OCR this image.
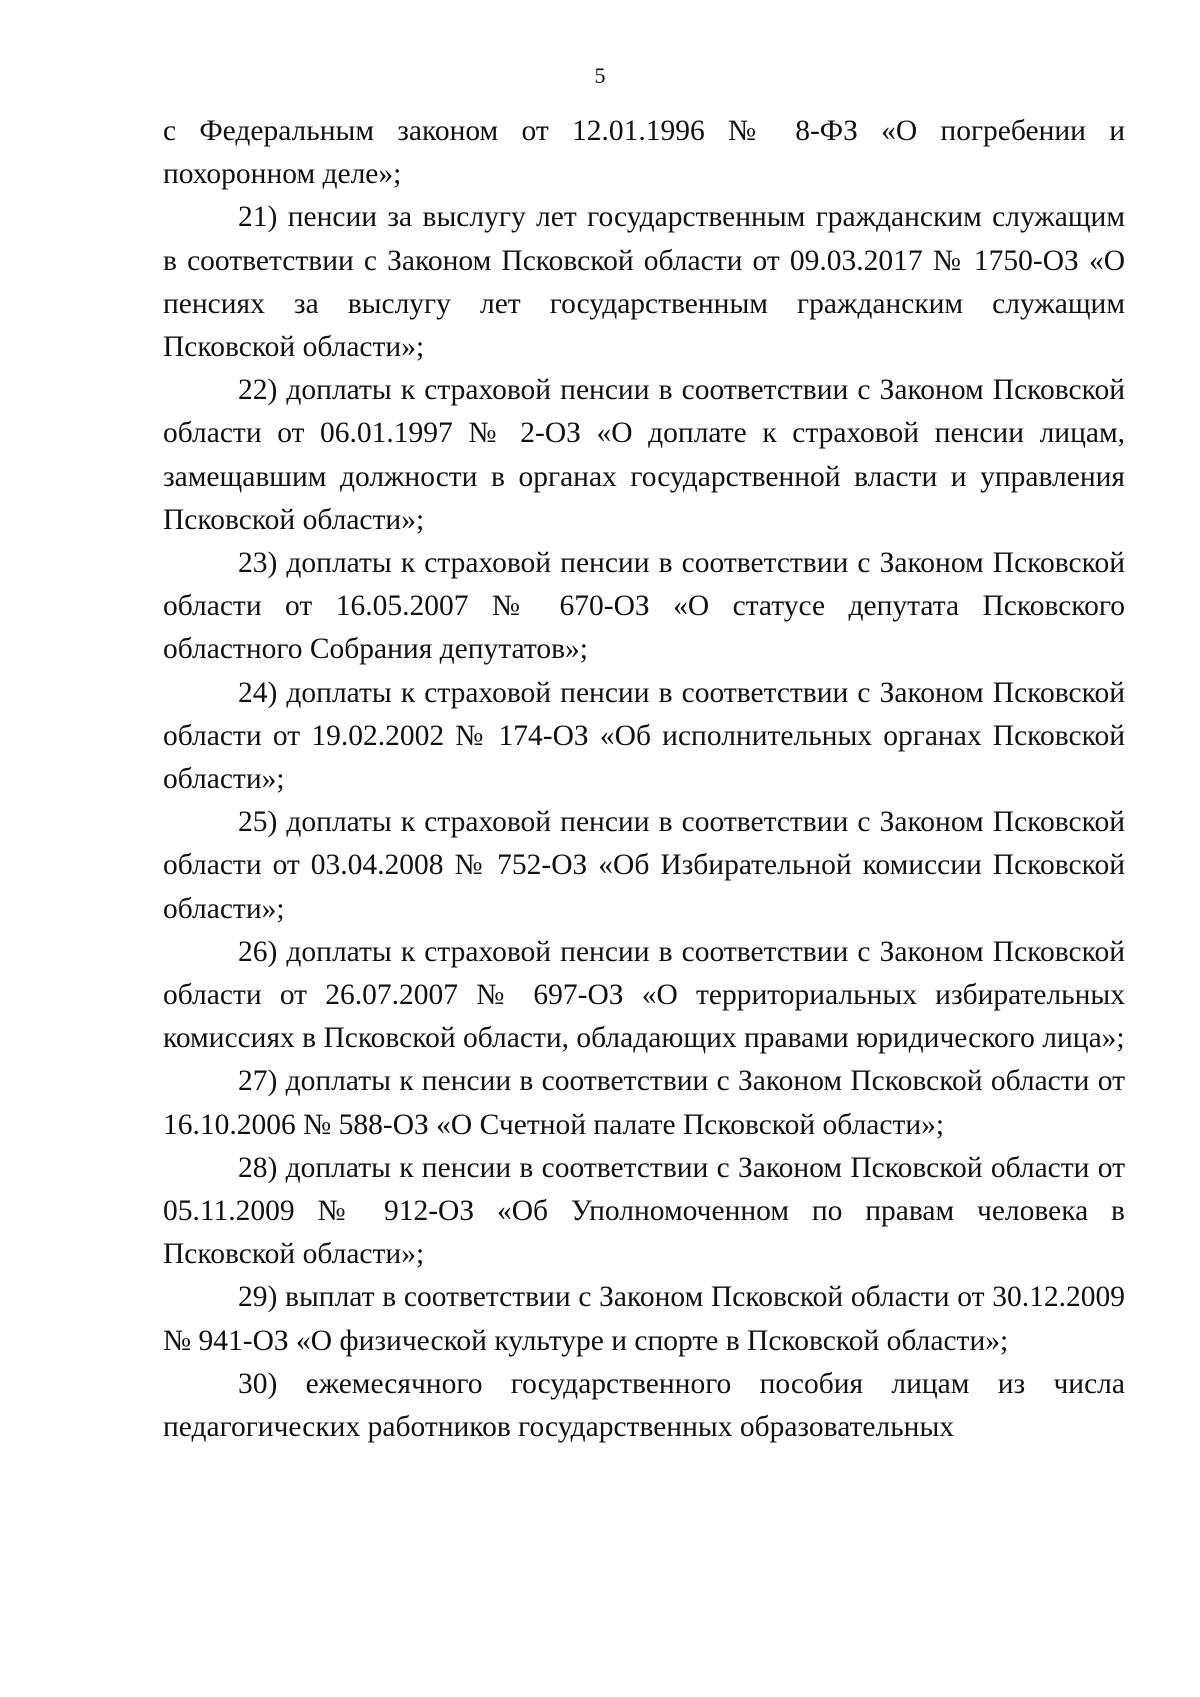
5

с Федеральным законом от 12.01.1996 № 8-ФЗ «О погребении и похоронном деле»;

21) пенсии за выслугу лет государственным гражданским служащим в соответствии с Законом Псковской области от 09.03.2017 № 1750-ОЗ «О пенсиях за выслугу лет государственным гражданским служащим Псковской области»;

22) доплаты к страховой пенсии в соответствии с Законом Псковской области от 06.01.1997 № 2-ОЗ «О доплате к страховой пенсии лицам, замещавшим должности в органах государственной власти и управления Псковской области»;

23) доплаты к страховой пенсии в соответствии с Законом Псковской области от 16.05.2007 № 670-ОЗ «О статусе депутата Псковского областного Собрания депутатов»;

24) доплаты к страховой пенсии в соответствии с Законом Псковской области от 19.02.2002 № 174-ОЗ «Об исполнительных органах Псковской области»;

25) доплаты к страховой пенсии в соответствии с Законом Псковской области от 03.04.2008 № 752-ОЗ «Об Избирательной комиссии Псковской области»;

26) доплаты к страховой пенсии в соответствии с Законом Псковской области от 26.07.2007 № 697-ОЗ «О территориальных избирательных комиссиях в Псковской области, обладающих правами юридического лица»;

27) доплаты к пенсии в соответствии с Законом Псковской области от 16.10.2006 № 588-ОЗ «О Счетной палате Псковской области»;

28) доплаты к пенсии в соответствии с Законом Псковской области от 05.11.2009 № 912-ОЗ «Об Уполномоченном по правам человека в Псковской области»;

29) выплат в соответствии с Законом Псковской области от 30.12.2009 № 941-ОЗ «О физической культуре и спорте в Псковской области»;

30) ежемесячного государственного пособия лицам из числа педагогических работников государственных образовательных
